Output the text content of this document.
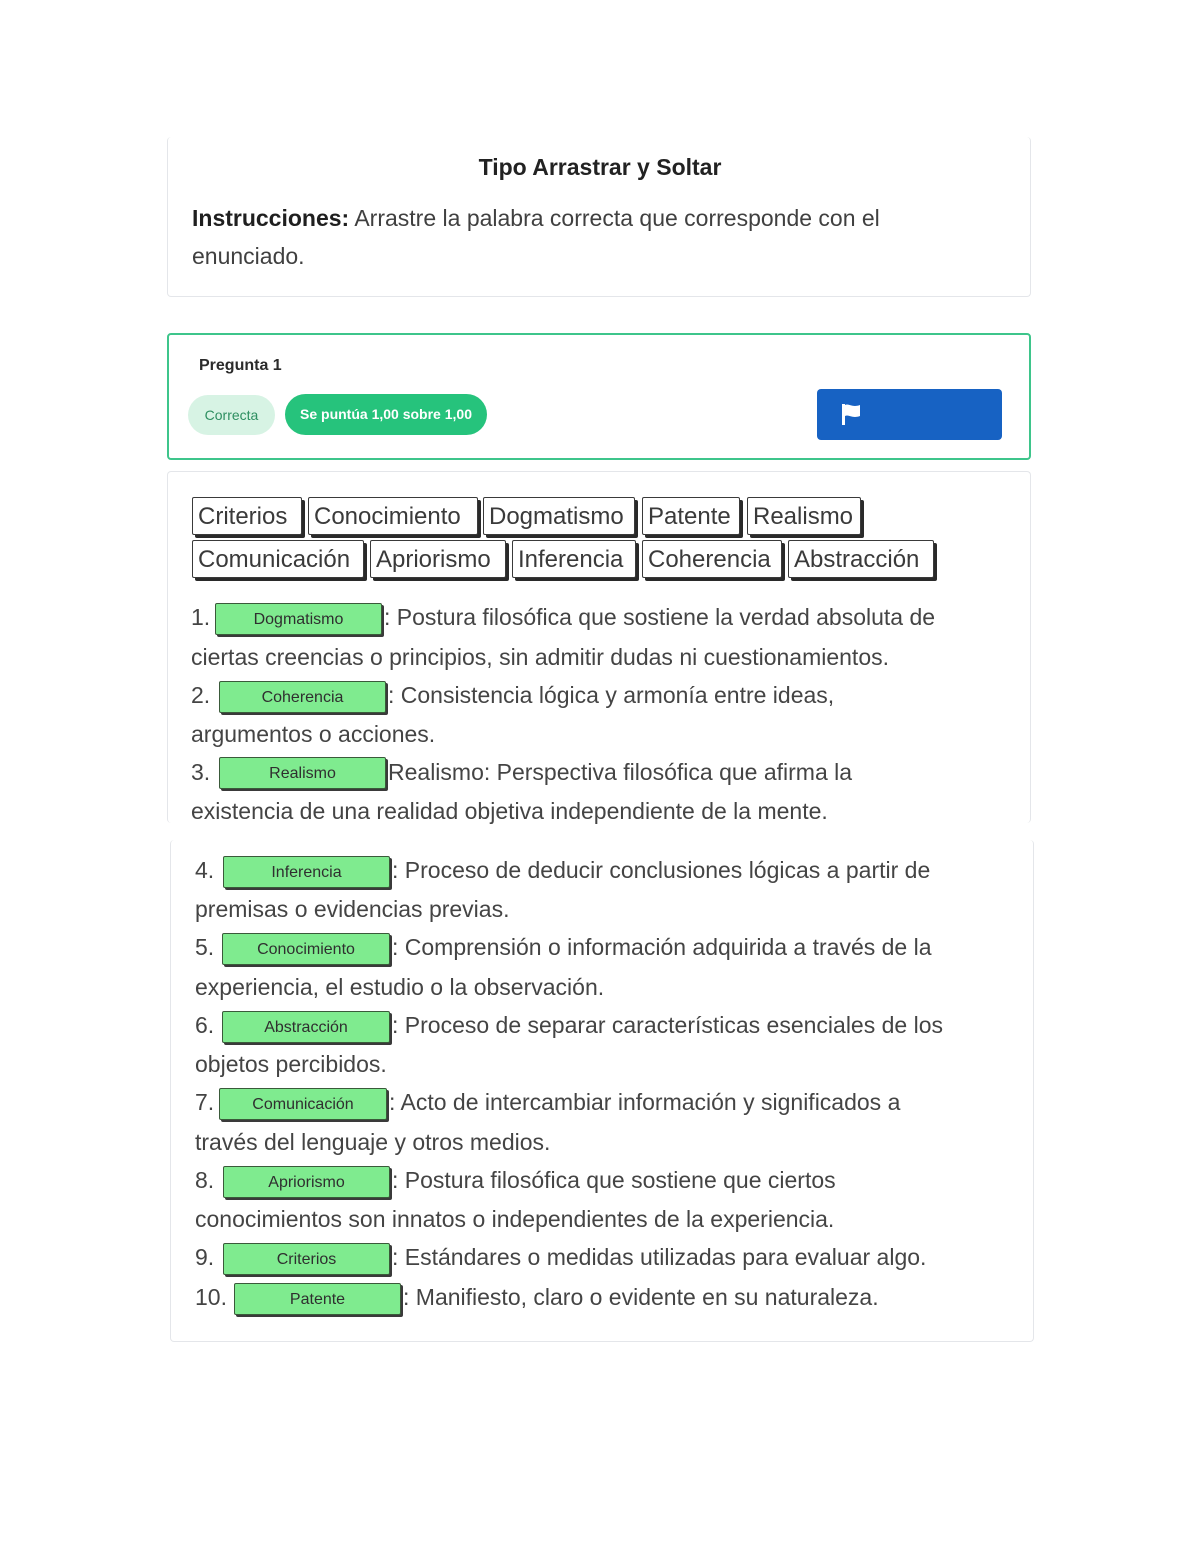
Tipo Arrastrar y Soltar
Instrucciones: Arrastre la palabra correcta que corresponde con el enunciado.
Pregunta 1
Correcta	Se puntúa 1,00 sobre 1,00
Criterios	Conocimiento	Dogmatismo	Patente Realismo
Comunicación	Apriorismo	Inferencia	Coherencia Abstracción
1.	Dogmatismo	: Postura filosófica que sostiene la verdad absoluta de
ciertas creencias o principios, sin admitir dudas ni cuestionamientos.
2.	Coherencia	: Consistencia lógica y armonía entre ideas,
argumentos o acciones.
3.	Realismo	Realismo: Perspectiva filosófica que afirma la
existencia de una realidad objetiva independiente de la mente.
4.	Inferencia	: Proceso de deducir conclusiones lógicas a partir de
premisas o evidencias previas.
5.	Conocimiento	: Comprensión o información adquirida a través de la
experiencia, el estudio o la observación.
6.	Abstracción	: Proceso de separar características esenciales de los
objetos percibidos.
7.	Comunicación	: Acto de intercambiar información y significados a
través del lenguaje y otros medios.
8.	Apriorismo	: Postura filosófica que sostiene que ciertos
conocimientos son innatos o independientes de la experiencia.
9.	Criterios	: Estándares o medidas utilizadas para evaluar algo.
10.	Patente	: Manifiesto, claro o evidente en su naturaleza.
